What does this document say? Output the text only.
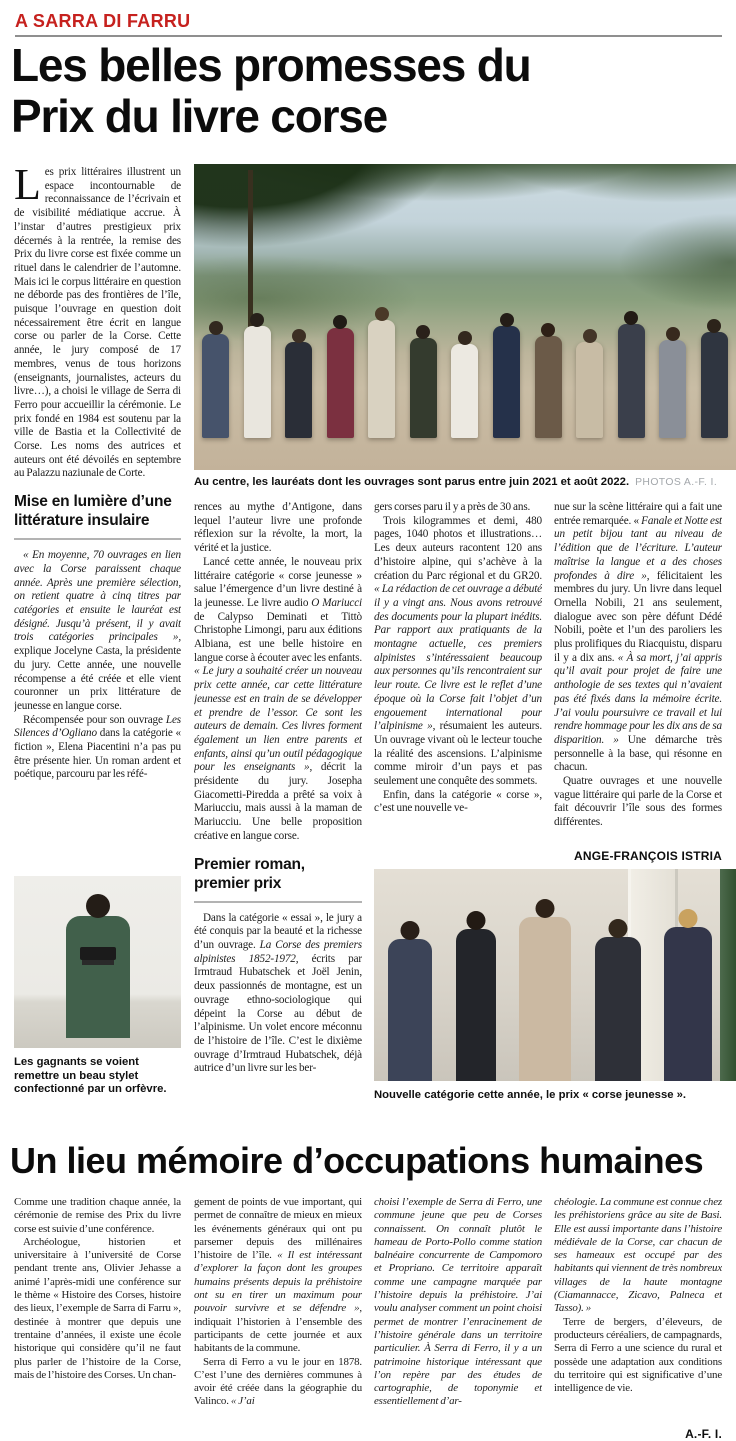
A SARRA DI FARRU
Les belles promesses du Prix du livre corse

Les prix littéraires illustrent un espace incontournable de reconnaissance de l’écrivain et de visibilité médiatique accrue. À l’instar d’autres prestigieux prix décernés à la rentrée, la remise des Prix du livre corse est fixée comme un rituel dans le calendrier de l’automne. Mais ici le corpus littéraire en question ne déborde pas des frontières de l’île, puisque l’ouvrage en question doit nécessairement être écrit en langue corse ou parler de la Corse. Cette année, le jury composé de 17 membres, venus de tous horizons (enseignants, journalistes, acteurs du livre…), a choisi le village de Serra di Ferro pour accueillir la cérémonie. Le prix fondé en 1984 est soutenu par la ville de Bastia et la Collectivité de Corse. Les noms des autrices et auteurs ont été dévoilés en septembre au Palazzu naziunale de Corte.

Mise en lumière d’une littérature insulaire

« En moyenne, 70 ouvrages en lien avec la Corse paraissent chaque année. Après une première sélection, on retient quatre à cinq titres par catégories et ensuite le lauréat est désigné. Jusqu’à présent, il y avait trois catégories principales », explique Jocelyne Casta, la présidente du jury. Cette année, une nouvelle récompense a été créée et elle vient couronner un prix littérature de jeunesse en langue corse.

Récompensée pour son ouvrage Les Silences d’Ogliano dans la catégorie « fiction », Elena Piacentini n’a pas pu être présente hier. Un roman ardent et poétique, parcouru par les réfé-

Au centre, les lauréats dont les ouvrages sont parus entre juin 2021 et août 2022. PHOTOS A.-F. I.

rences au mythe d’Antigone, dans lequel l’auteur livre une profonde réflexion sur la révolte, la mort, la vérité et la justice.

Lancé cette année, le nouveau prix littéraire catégorie « corse jeunesse » salue l’émergence d’un livre destiné à la jeunesse. Le livre audio O Mariucci de Calypso Deminati et Tittò Christophe Limongi, paru aux éditions Albiana, est une belle histoire en langue corse à écouter avec les enfants. « Le jury a souhaité créer un nouveau prix cette année, car cette littérature jeunesse est en train de se développer et prendre de l’essor. Ce sont les auteurs de demain. Ces livres forment également un lien entre parents et enfants, ainsi qu’un outil pédagogique pour les enseignants », décrit la présidente du jury. Josepha Giacometti-Piredda a prêté sa voix à Mariucciu, mais aussi à la maman de Mariucciu. Une belle proposition créative en langue corse.

Premier roman, premier prix

Dans la catégorie « essai », le jury a été conquis par la beauté et la richesse d’un ouvrage. La Corse des premiers alpinistes 1852-1972, écrits par Irmtraud Hubatschek et Joël Jenin, deux passionnés de montagne, est un ouvrage ethno-sociologique qui dépeint la Corse au début de l’alpinisme. Un volet encore méconnu de l’histoire de l’île. C’est le dixième ouvrage d’Irmtraud Hubatschek, déjà autrice d’un livre sur les ber-

gers corses paru il y a près de 30 ans.

Trois kilogrammes et demi, 480 pages, 1040 photos et illustrations… Les deux auteurs racontent 120 ans d’histoire alpine, qui s’achève à la création du Parc régional et du GR20. « La rédaction de cet ouvrage a débuté il y a vingt ans. Nous avons retrouvé des documents pour la plupart inédits. Par rapport aux pratiquants de la montagne actuelle, ces premiers alpinistes s’intéressaient beaucoup aux personnes qu’ils rencontraient sur leur route. Ce livre est le reflet d’une époque où la Corse fait l’objet d’un engouement international pour l’alpinisme », résumaient les auteurs. Un ouvrage vivant où le lecteur touche la réalité des ascensions. L’alpinisme comme miroir d’un pays et pas seulement une conquête des sommets.

Enfin, dans la catégorie « corse », c’est une nouvelle ve-

nue sur la scène littéraire qui a fait une entrée remarquée. « Fanale et Notte est un petit bijou tant au niveau de l’édition que de l’écriture. L’auteur maîtrise la langue et a des choses profondes à dire », félicitaient les membres du jury. Un livre dans lequel Ornella Nobili, 21 ans seulement, dialogue avec son père défunt Dédé Nobili, poète et l’un des paroliers les plus prolifiques du Riacquistu, disparu il y a dix ans. « À sa mort, j’ai appris qu’il avait pour projet de faire une anthologie de ses textes qui n’avaient pas été fixés dans la mémoire écrite. J’ai voulu poursuivre ce travail et lui rendre hommage pour les dix ans de sa disparition. » Une démarche très personnelle à la base, qui résonne en chacun.

Quatre ouvrages et une nouvelle vague littéraire qui parle de la Corse et fait découvrir l’île sous des formes différentes.

ANGE-FRANÇOIS ISTRIA
Les gagnants se voient remettre un beau stylet confectionné par un orfèvre.	Nouvelle catégorie cette année, le prix « corse jeunesse ».
Un lieu mémoire d’occupations humaines

Comme une tradition chaque année, la cérémonie de remise des Prix du livre corse est suivie d’une conférence.

Archéologue, historien et universitaire à l’université de Corse pendant trente ans, Olivier Jehasse a animé l’après-midi une conférence sur le thème « Histoire des Corses, histoire des lieux, l’exemple de Sarra di Farru », destinée à montrer que depuis une trentaine d’années, il existe une école historique qui considère qu’il ne faut plus parler de l’histoire de la Corse, mais de l’histoire des Corses. Un chan-

gement de points de vue important, qui permet de connaître de mieux en mieux les événements généraux qui ont pu parsemer depuis des millénaires l’histoire de l’île. « Il est intéressant d’explorer la façon dont les groupes humains présents depuis la préhistoire ont su en tirer un maximum pour pouvoir survivre et se défendre », indiquait l’historien à l’ensemble des participants de cette journée et aux habitants de la commune.

Serra di Ferro a vu le jour en 1878. C’est l’une des dernières communes à avoir été créée dans la géographie du Valinco. « J’ai

choisi l’exemple de Serra di Ferro, une commune jeune que peu de Corses connaissent. On connaît plutôt le hameau de Porto-Pollo comme station balnéaire concurrente de Campomoro et Propriano. Ce territoire apparaît comme une campagne marquée par l’histoire depuis la préhistoire. J’ai voulu analyser comment un point choisi permet de montrer l’enracinement de l’histoire générale dans un territoire particulier. À Serra di Ferro, il y a un patrimoine historique intéressant que l’on repère par des études de cartographie, de toponymie et essentiellement d’ar-

chéologie. La commune est connue chez les préhistoriens grâce au site de Basi. Elle est aussi importante dans l’histoire médiévale de la Corse, car chacun de ses hameaux est occupé par des habitants qui viennent de très nombreux villages de la haute montagne (Ciamannacce, Zicavo, Palneca et Tasso). »

Terre de bergers, d’éleveurs, de producteurs céréaliers, de campagnards, Serra di Ferro a une science du rural et possède une adaptation aux conditions du territoire qui est significative d’une intelligence de vie.

A.-F. I.
